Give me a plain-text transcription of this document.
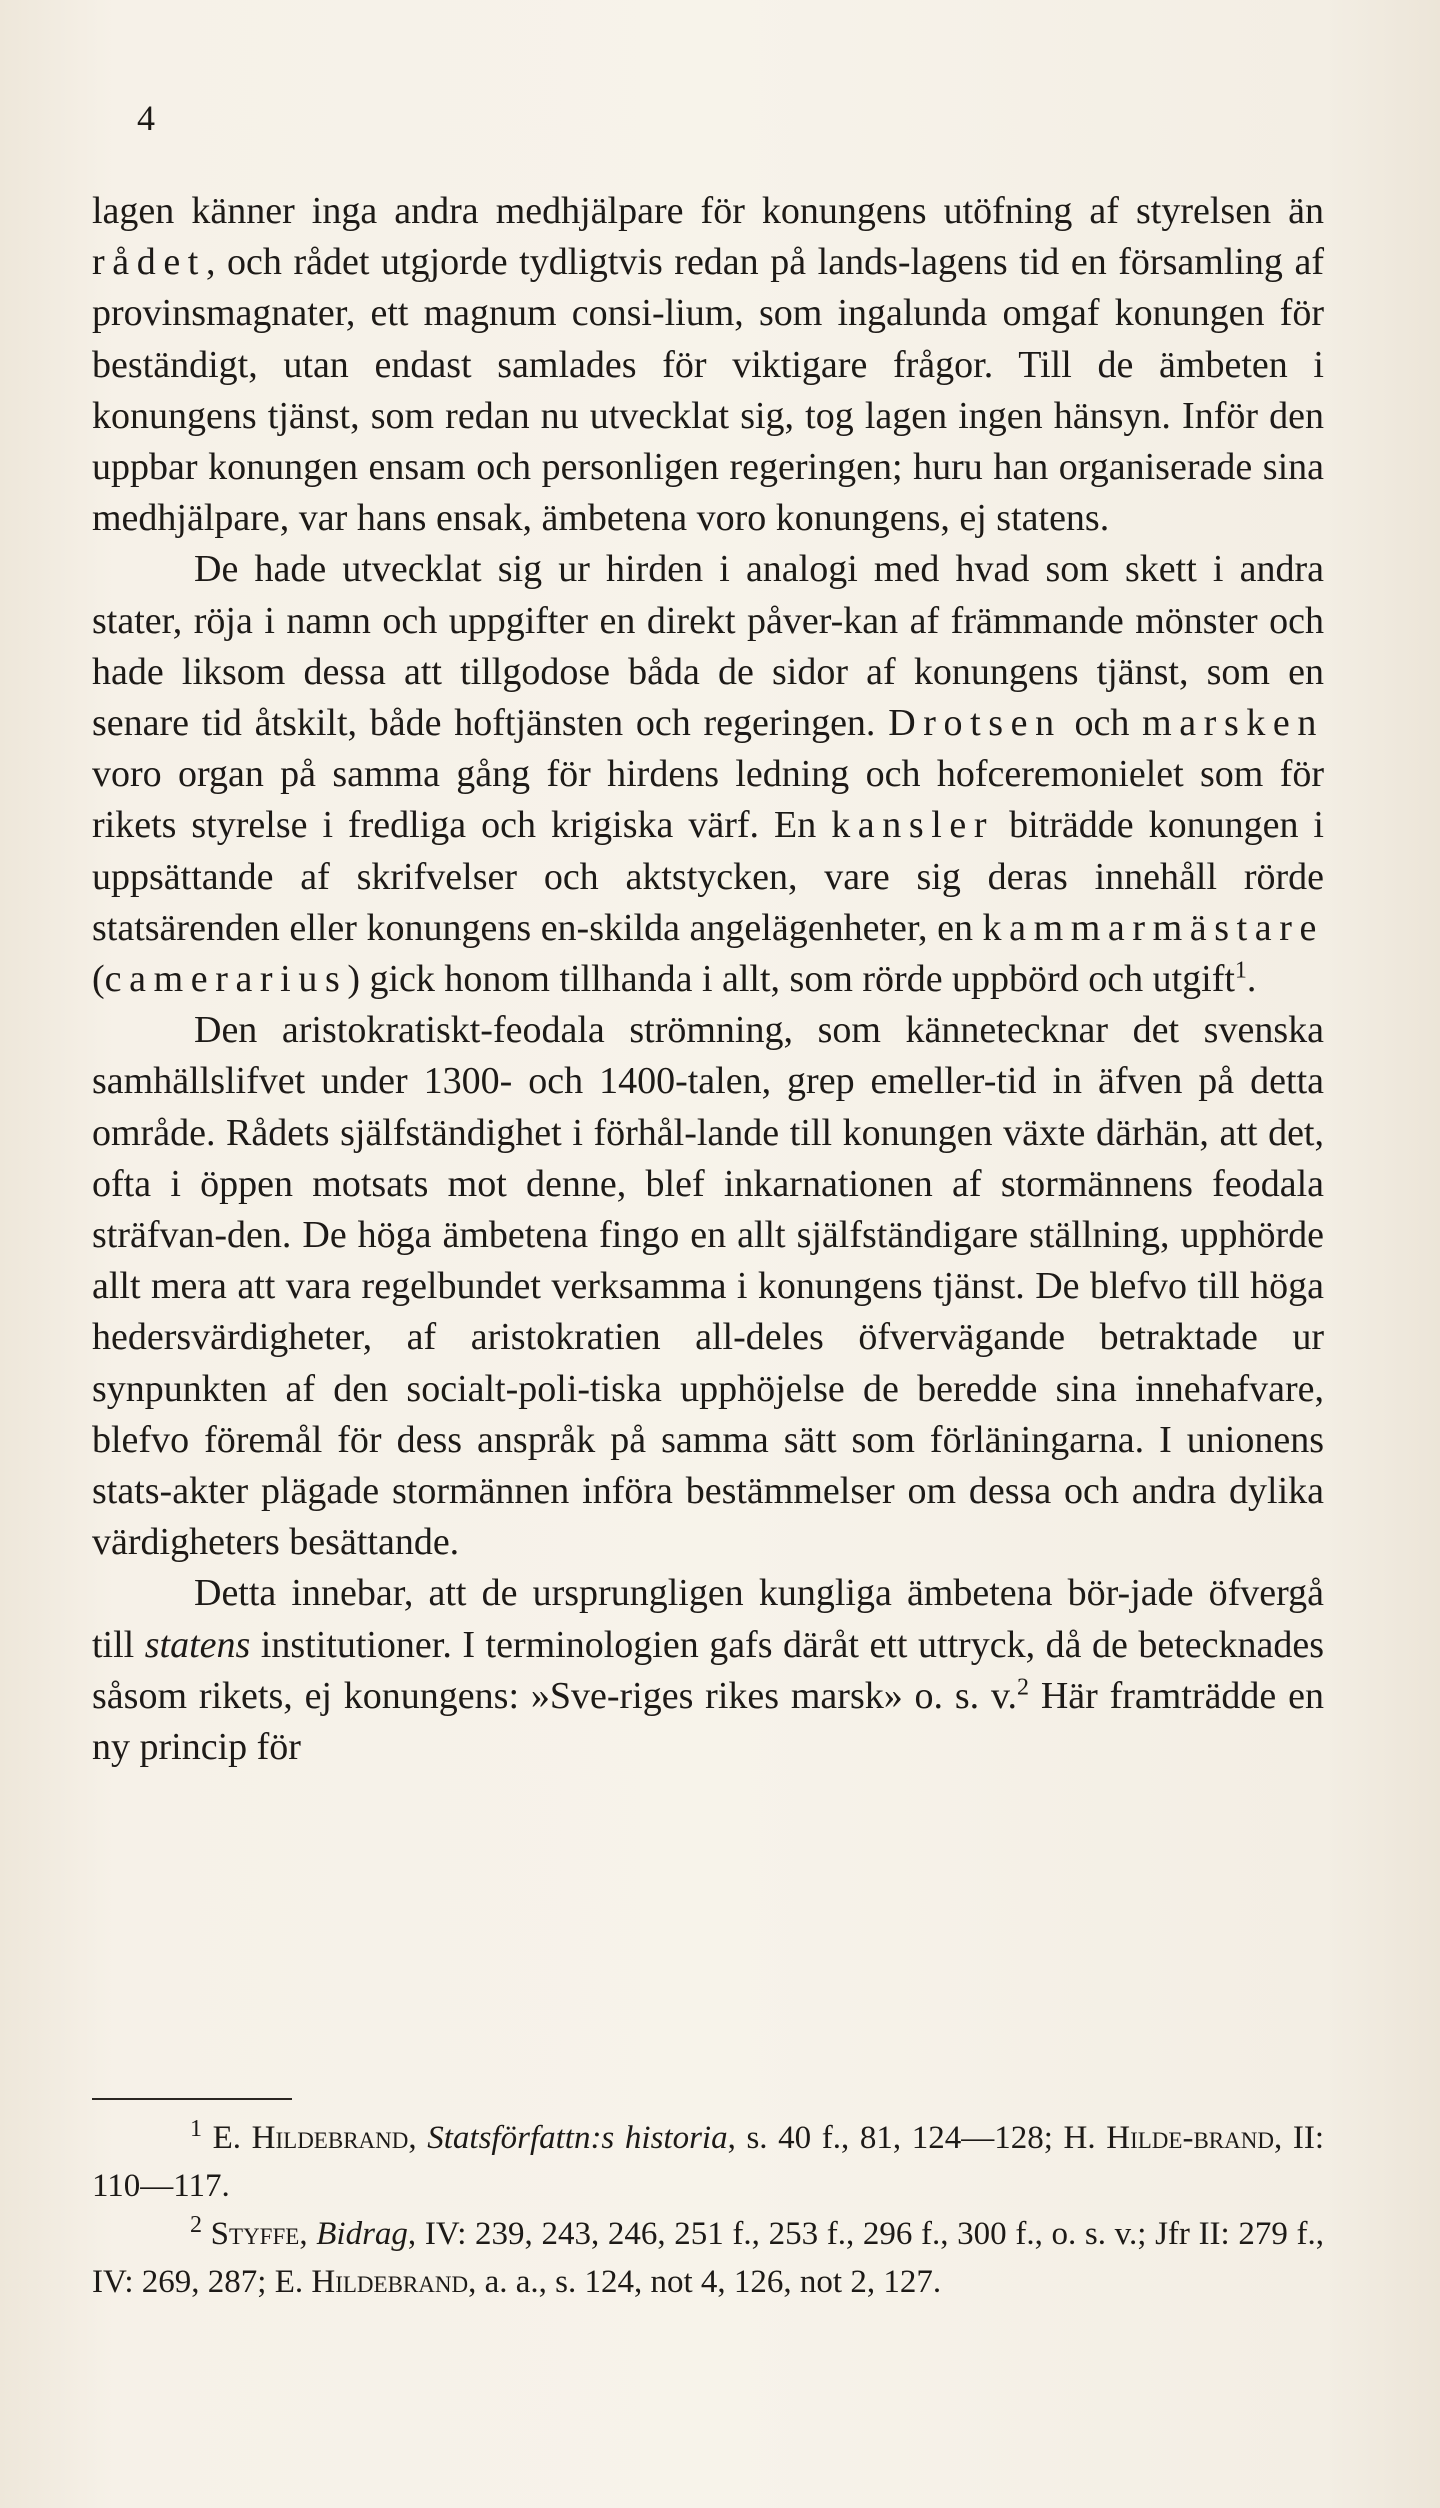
4

lagen känner inga andra medhjälpare för konungens utöfning af styrelsen än rådet, och rådet utgjorde tydligtvis redan på lands-lagens tid en församling af provinsmagnater, ett magnum consi-lium, som ingalunda omgaf konungen för beständigt, utan endast samlades för viktigare frågor. Till de ämbeten i konungens tjänst, som redan nu utvecklat sig, tog lagen ingen hänsyn. Inför den uppbar konungen ensam och personligen regeringen; huru han organiserade sina medhjälpare, var hans ensak, ämbetena voro konungens, ej statens.

De hade utvecklat sig ur hirden i analogi med hvad som skett i andra stater, röja i namn och uppgifter en direkt påver-kan af främmande mönster och hade liksom dessa att tillgodose båda de sidor af konungens tjänst, som en senare tid åtskilt, både hoftjänsten och regeringen. Drotsen och marsken voro organ på samma gång för hirdens ledning och hofceremonielet som för rikets styrelse i fredliga och krigiska värf. En kansler biträdde konungen i uppsättande af skrifvelser och aktstycken, vare sig deras innehåll rörde statsärenden eller konungens en-skilda angelägenheter, en kammarmästare (camerarius) gick honom tillhanda i allt, som rörde uppbörd och utgift$^1$.

Den aristokratiskt-feodala strömning, som kännetecknar det svenska samhällslifvet under 1300- och 1400-talen, grep emeller-tid in äfven på detta område. Rådets själfständighet i förhål-lande till konungen växte därhän, att det, ofta i öppen motsats mot denne, blef inkarnationen af stormännens feodala sträfvan-den. De höga ämbetena fingo en allt själfständigare ställning, upphörde allt mera att vara regelbundet verksamma i konungens tjänst. De blefvo till höga hedersvärdigheter, af aristokratien all-deles öfvervägande betraktade ur synpunkten af den socialt-poli-tiska upphöjelse de beredde sina innehafvare, blefvo föremål för dess anspråk på samma sätt som förläningarna. I unionens stats-akter plägade stormännen införa bestämmelser om dessa och andra dylika värdigheters besättande.

Detta innebar, att de ursprungligen kungliga ämbetena bör-jade öfvergå till statens institutioner. I terminologien gafs däråt ett uttryck, då de betecknades såsom rikets, ej konungens: »Sve-riges rikes marsk» o. s. v.$^2$ Här framträdde en ny princip för

$^1$ E. Hildebrand, Statsförfattn:s historia, s. 40 f., 81, 124—128; H. Hilde-brand, II: 110—117.

$^2$ Styffe, Bidrag, IV: 239, 243, 246, 251 f., 253 f., 296 f., 300 f., o. s. v.; Jfr II: 279 f., IV: 269, 287; E. Hildebrand, a. a., s. 124, not 4, 126, not 2, 127.
